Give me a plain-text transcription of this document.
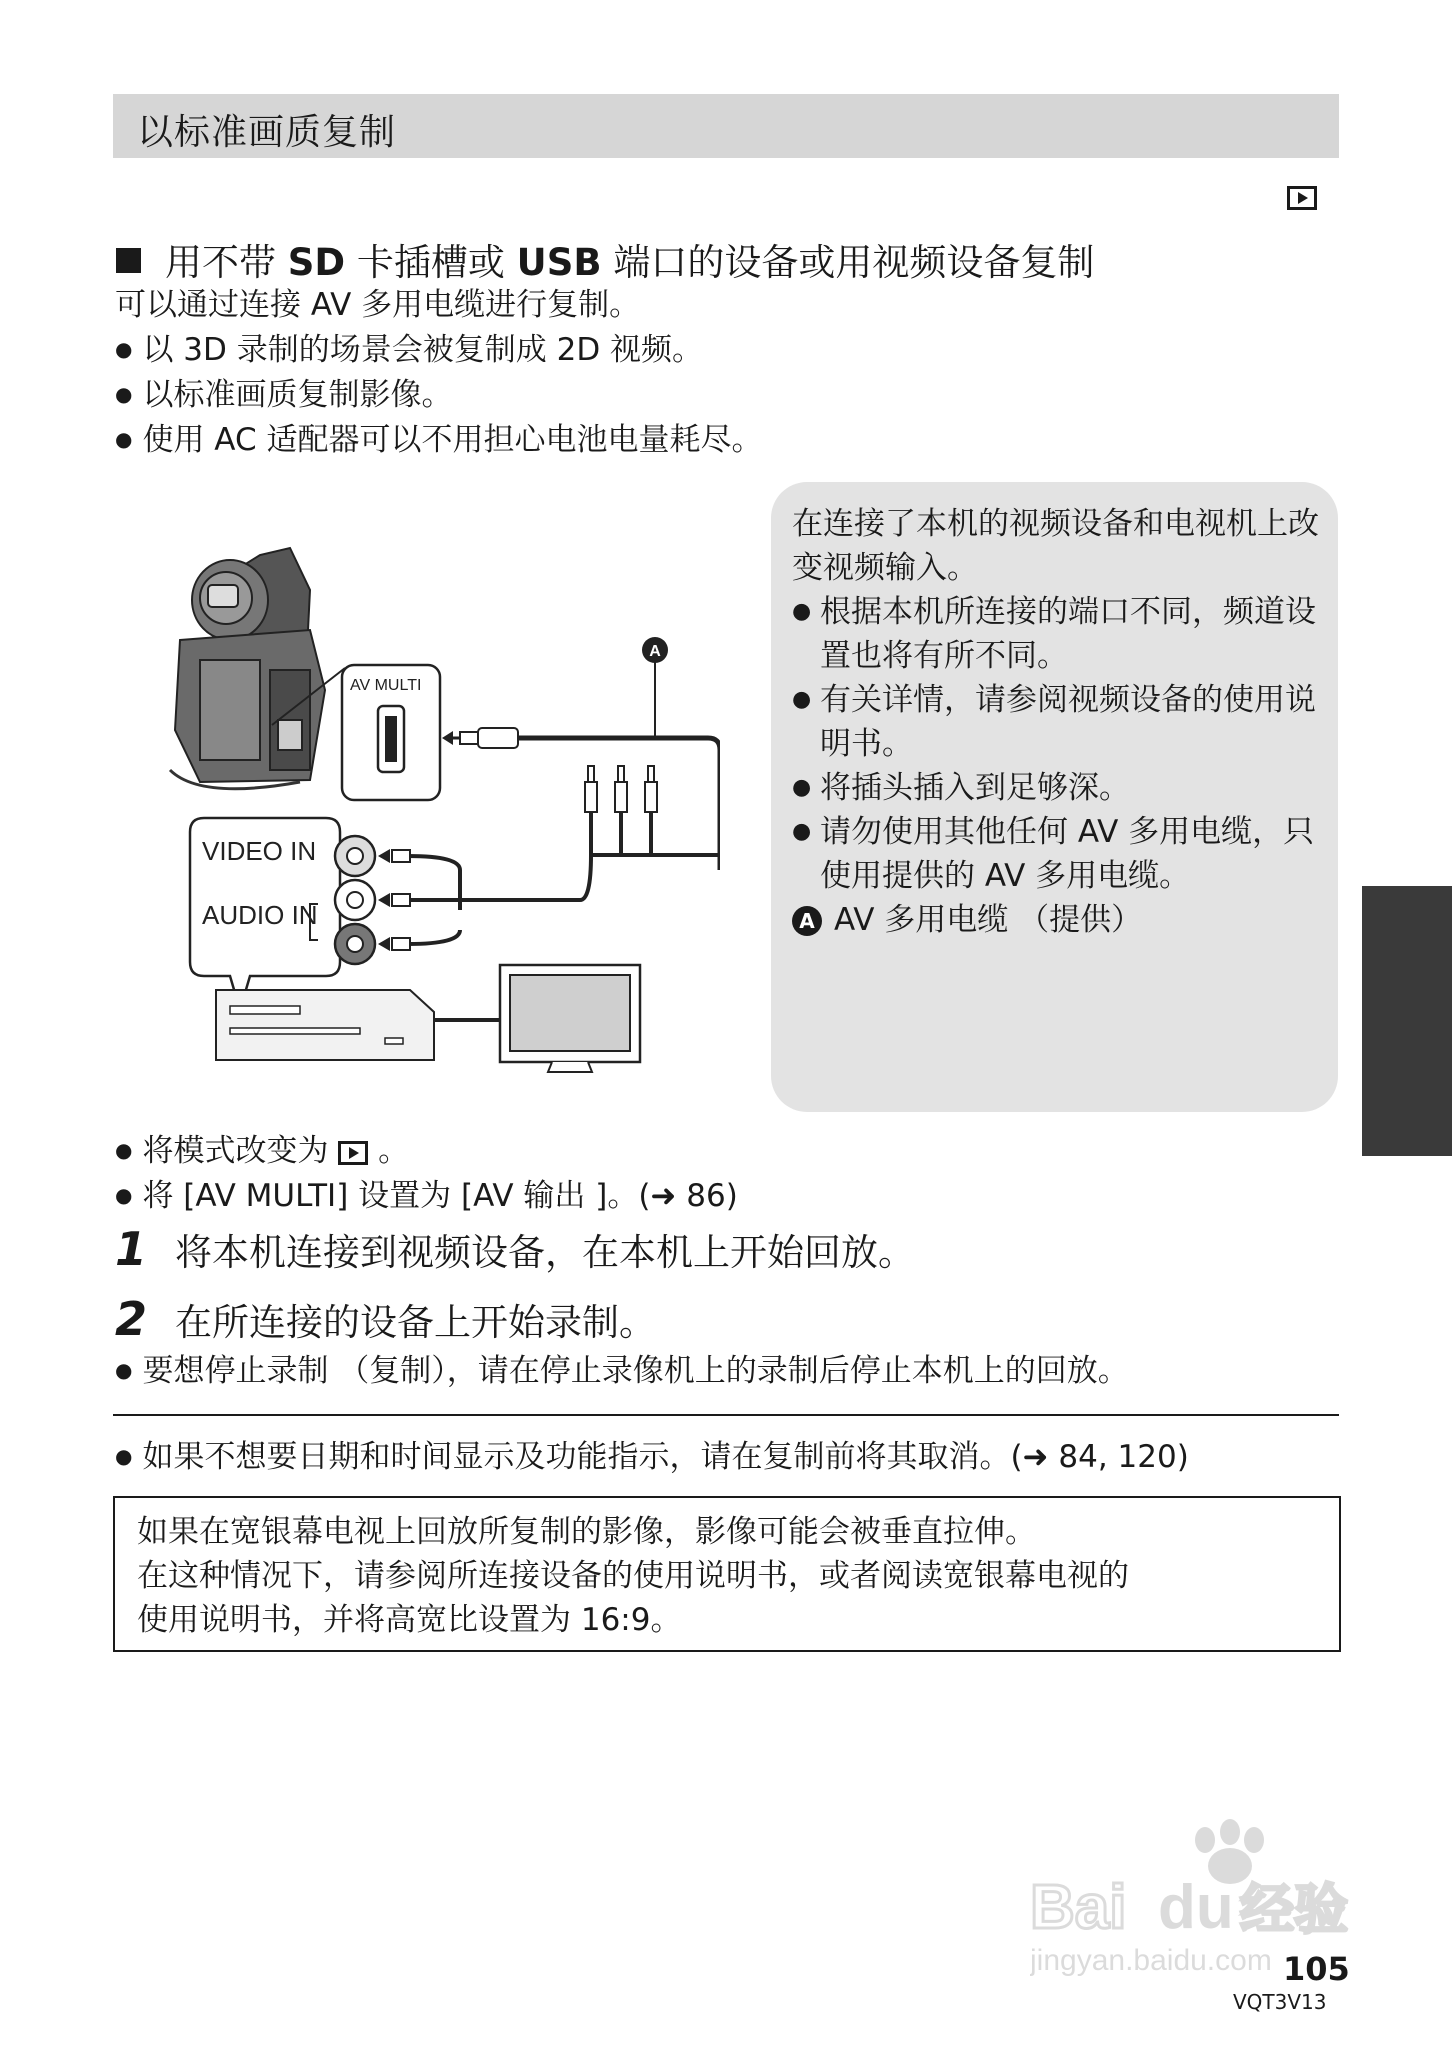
以标准画质复制
用不带 SD 卡插槽或 USB 端口的设备或用视频设备复制
可以通过连接 AV 多用电缆进行复制。
● 以 3D 录制的场景会被复制成 2D 视频。
● 以标准画质复制影像。
● 使用 AC 适配器可以不用担心电池电量耗尽。
AV MULTI
A
VIDEO IN
AUDIO IN
在连接了本机的视频设备和电视机上改变视频输入。
● 根据本机所连接的端口不同，频道设置也将有所不同。
● 有关详情，请参阅视频设备的使用说明书。
● 将插头插入到足够深。
● 请勿使用其他任何 AV 多用电缆，只使用提供的 AV 多用电缆。
A AV 多用电缆 （提供）
● 将模式改变为  。
● 将 [AV MULTI] 设置为 [AV 输出 ]。(➜ 86)
1 将本机连接到视频设备，在本机上开始回放。
2 在所连接的设备上开始录制。
● 要想停止录制 （复制），请在停止录像机上的录制后停止本机上的回放。
● 如果不想要日期和时间显示及功能指示，请在复制前将其取消。(➜ 84, 120)
如果在宽银幕电视上回放所复制的影像，影像可能会被垂直拉伸。
在这种情况下，请参阅所连接设备的使用说明书，或者阅读宽银幕电视的
使用说明书，并将高宽比设置为 16:9。
Bai du 经验
jingyan.baidu.com 105
VQT3V13
